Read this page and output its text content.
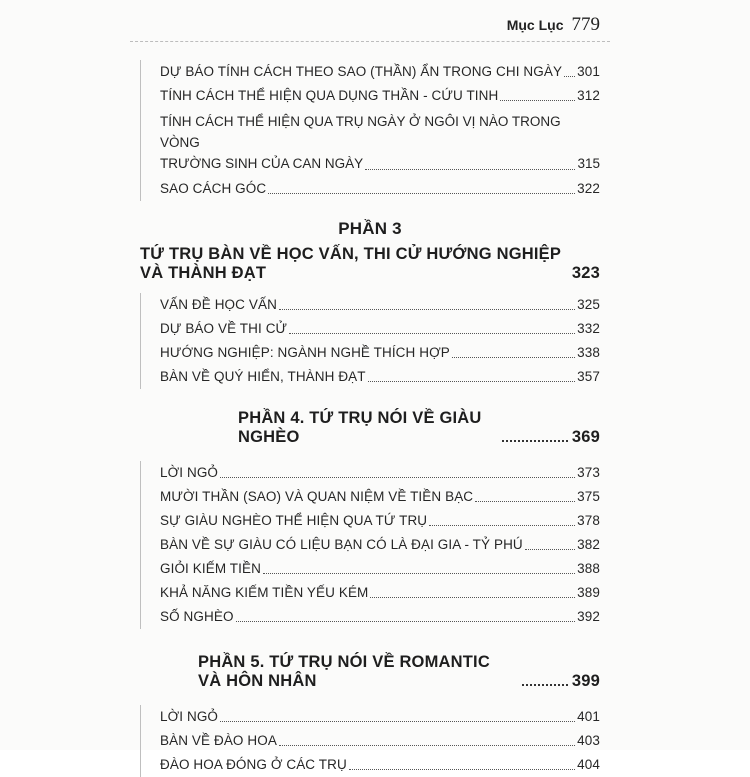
Mục Lục 779
DỰ BÁO TÍNH CÁCH THEO SAO (THẦN) ẨN TRONG CHI NGÀY 301
TÍNH CÁCH THỂ HIỆN QUA DỤNG THẦN - CỨU TINH	312
TÍNH CÁCH THỂ HIỆN QUA TRỤ NGÀY Ở NGÔI VỊ NÀO TRONG VÒNG
TRƯỜNG SINH CỦA CAN NGÀY	315
SAO CÁCH GÓC	322
PHẦN 3
TỨ TRỤ BÀN VỀ HỌC VẤN, THI CỬ HƯỚNG NGHIỆP VÀ THÀNH ĐẠT	323
VẤN ĐỀ HỌC VẤN	325
DỰ BÁO VỀ THI CỬ	332
HƯỚNG NGHIỆP: NGÀNH NGHỀ THÍCH HỢP	338
BÀN VỀ QUÝ HIỂN, THÀNH ĐẠT	357
PHẦN 4. TỨ TRỤ NÓI VỀ GIÀU NGHÈO	369
LỜI NGỎ	373
MƯỜI THẦN (SAO) VÀ QUAN NIỆM VỀ TIỀN BẠC	375
SỰ GIÀU NGHÈO THỂ HIỆN QUA TỨ TRỤ	378
BÀN VỀ SỰ GIÀU CÓ LIỆU BẠN CÓ LÀ ĐẠI GIA - TỶ PHÚ	382
GIỎI KIẾM TIỀN	388
KHẢ NĂNG KIẾM TIỀN YẾU KÉM	389
SỐ NGHÈO	392
PHẦN 5. TỨ TRỤ NÓI VỀ ROMANTIC VÀ HÔN NHÂN	399
LỜI NGỎ	401
BÀN VỀ ĐÀO HOA	403
ĐÀO HOA ĐÓNG Ở CÁC TRỤ	404
